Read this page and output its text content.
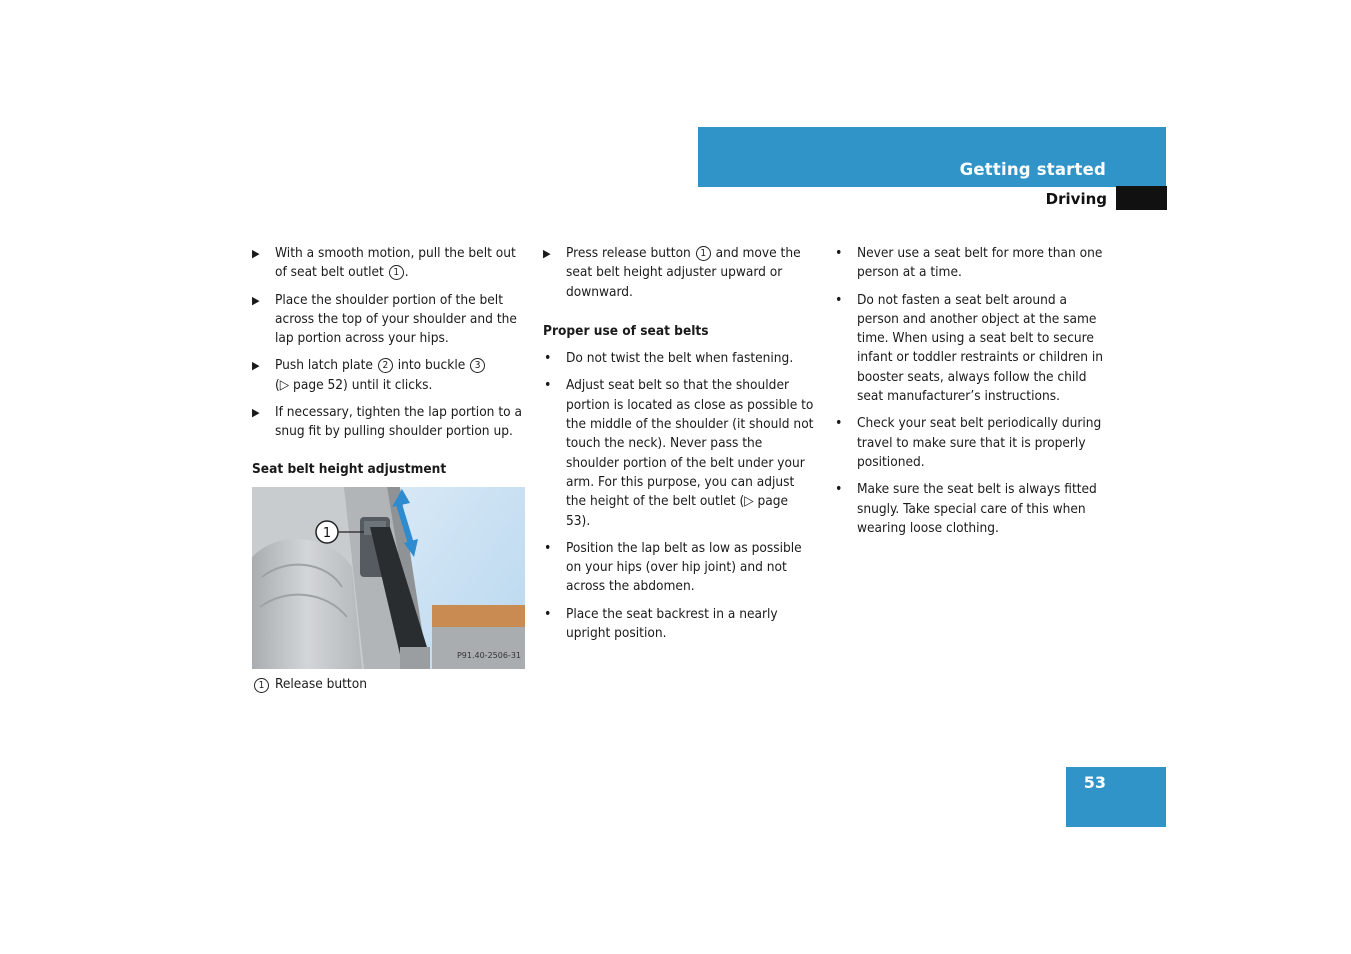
Getting started
Driving
▶ With a smooth motion, pull the belt out of seat belt outlet 1 .
▶ Place the shoulder portion of the belt across the top of your shoulder and the lap portion across your hips.
▶ Push latch plate 2 into buckle 3
(▷ page 52) until it clicks.
▶ If necessary, tighten the lap portion to a snug fit by pulling shoulder portion up.
Seat belt height adjustment
1
P91.40-2506-31
1 Release button
▶ Press release button 1 and move the seat belt height adjuster upward or downward.
Proper use of seat belts
• Do not twist the belt when fastening.
• Adjust seat belt so that the shoulder portion is located as close as possible to the middle of the shoulder (it should not touch the neck). Never pass the shoulder portion of the belt under your arm. For this purpose, you can adjust the height of the belt outlet (▷ page 53).
• Position the lap belt as low as possible on your hips (over hip joint) and not across the abdomen.
• Place the seat backrest in a nearly upright position.
• Never use a seat belt for more than one person at a time.
• Do not fasten a seat belt around a person and another object at the same time. When using a seat belt to secure infant or toddler restraints or children in booster seats, always follow the child seat manufacturer’s instructions.
• Check your seat belt periodically during travel to make sure that it is properly positioned.
• Make sure the seat belt is always fitted snugly. Take special care of this when wearing loose clothing.
53
